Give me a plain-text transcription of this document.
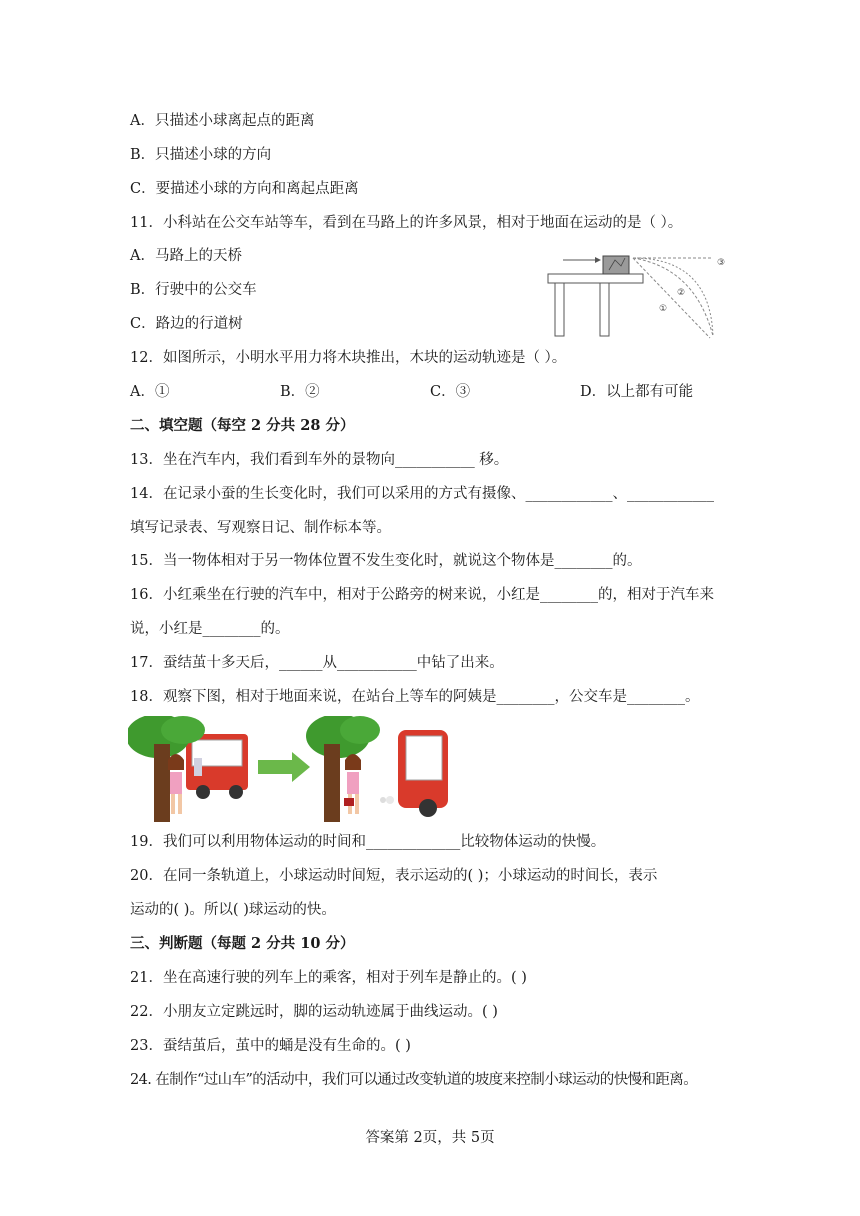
A．只描述小球离起点的距离
B．只描述小球的方向
C．要描述小球的方向和离起点距离
11．小科站在公交车站等车，看到在马路上的许多风景，相对于地面在运动的是（ ）。
A．马路上的天桥
B．行驶中的公交车
C．路边的行道树
③
②
①
12．如图所示，小明水平用力将木块推出，木块的运动轨迹是（ ）。
A．①	B．②	C．③	D．以上都有可能
二、填空题（每空 2 分共 28 分）
13．坐在汽车内，我们看到车外的景物向___________ 移。
14．在记录小蚕的生长变化时，我们可以采用的方式有摄像、____________、____________
填写记录表、写观察日记、制作标本等。
15．当一物体相对于另一物体位置不发生变化时，就说这个物体是________的。
16．小红乘坐在行驶的汽车中，相对于公路旁的树来说，小红是________的，相对于汽车来
说，小红是________的。
17．蚕结茧十多天后，______从___________中钻了出来。
18．观察下图，相对于地面来说，在站台上等车的阿姨是________，公交车是________。
19．我们可以利用物体运动的时间和_____________比较物体运动的快慢。
20．在同一条轨道上，小球运动时间短，表示运动的( )；小球运动的时间长，表示
运动的( )。所以( )球运动的快。
三、判断题（每题 2 分共 10 分）
21．坐在高速行驶的列车上的乘客，相对于列车是静止的。( )
22．小朋友立定跳远时，脚的运动轨迹属于曲线运动。( )
23．蚕结茧后，茧中的蛹是没有生命的。( )
24. 在制作“过山车”的活动中，我们可以通过改变轨道的坡度来控制小球运动的快慢和距离。
答案第 2页，共 5页
